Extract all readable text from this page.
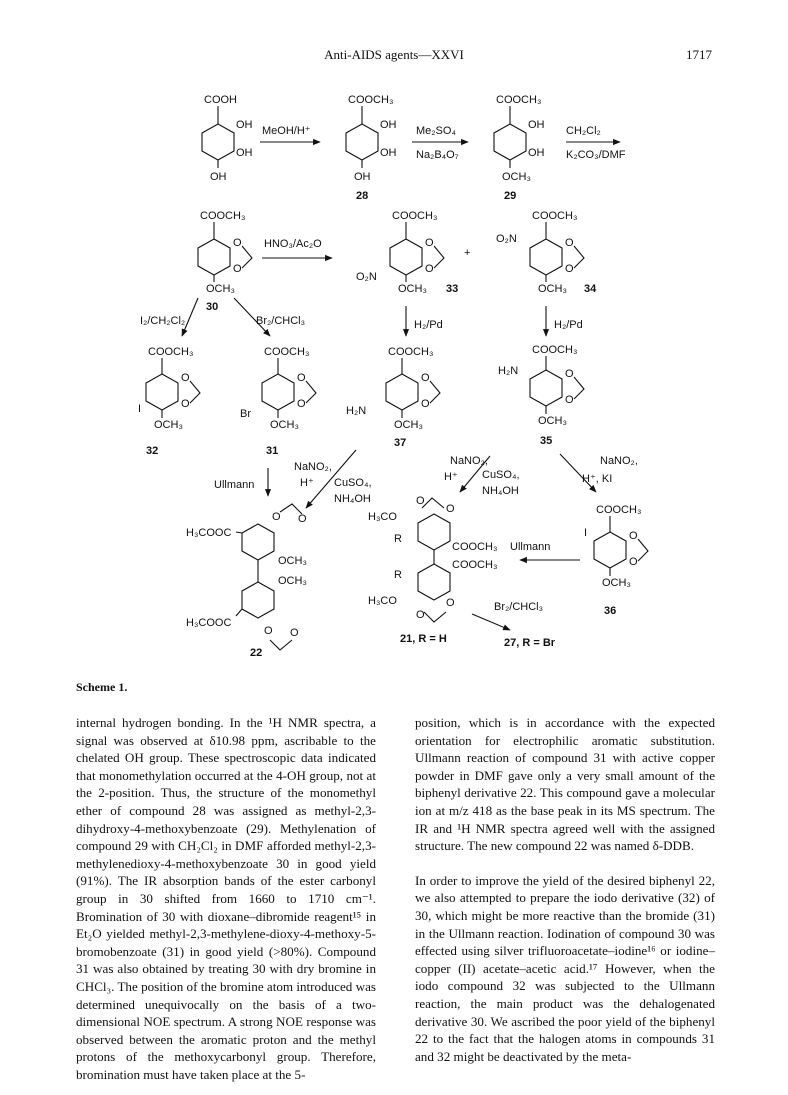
Anti-AIDS agents—XXVI	1717
COOH
OH
OH
OH
MeOH/H⁺
COOCH₃
OH
OH
OH
28
Me₂SO₄
Na₂B₄O₇
COOCH₃
OH
OH
OCH₃
29
CH₂Cl₂
K₂CO₃/DMF
COOCH₃
O
O
OCH₃
30
HNO₃/Ac₂O
COOCH₃
O
O
O₂N
OCH₃ 33
+
COOCH₃
O
O
O₂N
OCH₃ 34
I₂/CH₂Cl₂	Br₂/CHCl₃	H₂/Pd	H₂/Pd
COOCH₃
O
O
I
OCH₃
32
COOCH₃
O
O
Br
OCH₃
31
COOCH₃
O
O
H₂N
OCH₃
37
COOCH₃
O
O
H₂N
OCH₃
35
Ullmann
NaNO₂,
H⁺ CuSO₄,
NH₄OH
NaNO₂,
H⁺ CuSO₄,
NH₄OH
NaNO₂,
H⁺, KI
H₃COOC
O O
OCH₃
OCH₃
H₃COOC
O O
22
O
O
H₃CO
R
COOCH₃ Ullmann
COOCH₃
R
H₃CO	O
O
21, R = H
Br₂/CHCl₃
27, R = Br
COOCH₃
O
O
I
OCH₃
36
Scheme 1.

internal hydrogen bonding. In the ¹H NMR spectra, a signal was observed at δ10.98 ppm, ascribable to the chelated OH group. These spectroscopic data indicated that monomethylation occurred at the 4-OH group, not at the 2-position. Thus, the structure of the monomethyl ether of compound 28 was assigned as methyl-2,3-dihydroxy-4-methoxybenzoate (29). Methylenation of compound 29 with CH₂Cl₂ in DMF afforded methyl-2,3-methylenedioxy-4-methoxybenzoate 30 in good yield (91%). The IR absorption bands of the ester carbonyl group in 30 shifted from 1660 to 1710 cm⁻¹. Bromination of 30 with dioxane–dibromide reagent¹⁵ in Et₂O yielded methyl-2,3-methylene-dioxy-4-methoxy-5-bromobenzoate (31) in good yield (>80%). Compound 31 was also obtained by treating 30 with dry bromine in CHCl₃. The position of the bromine atom introduced was determined unequivocally on the basis of a two-dimensional NOE spectrum. A strong NOE response was observed between the aromatic proton and the methyl protons of the methoxycarbonyl group. Therefore, bromination must have taken place at the 5-

position, which is in accordance with the expected orientation for electrophilic aromatic substitution. Ullmann reaction of compound 31 with active copper powder in DMF gave only a very small amount of the biphenyl derivative 22. This compound gave a molecular ion at m/z 418 as the base peak in its MS spectrum. The IR and ¹H NMR spectra agreed well with the assigned structure. The new compound 22 was named δ-DDB.

In order to improve the yield of the desired biphenyl 22, we also attempted to prepare the iodo derivative (32) of 30, which might be more reactive than the bromide (31) in the Ullmann reaction. Iodination of compound 30 was effected using silver trifluoroacetate–iodine¹⁶ or iodine–copper (II) acetate–acetic acid.¹⁷ However, when the iodo compound 32 was subjected to the Ullmann reaction, the main product was the dehalogenated derivative 30. We ascribed the poor yield of the biphenyl 22 to the fact that the halogen atoms in compounds 31 and 32 might be deactivated by the meta-
